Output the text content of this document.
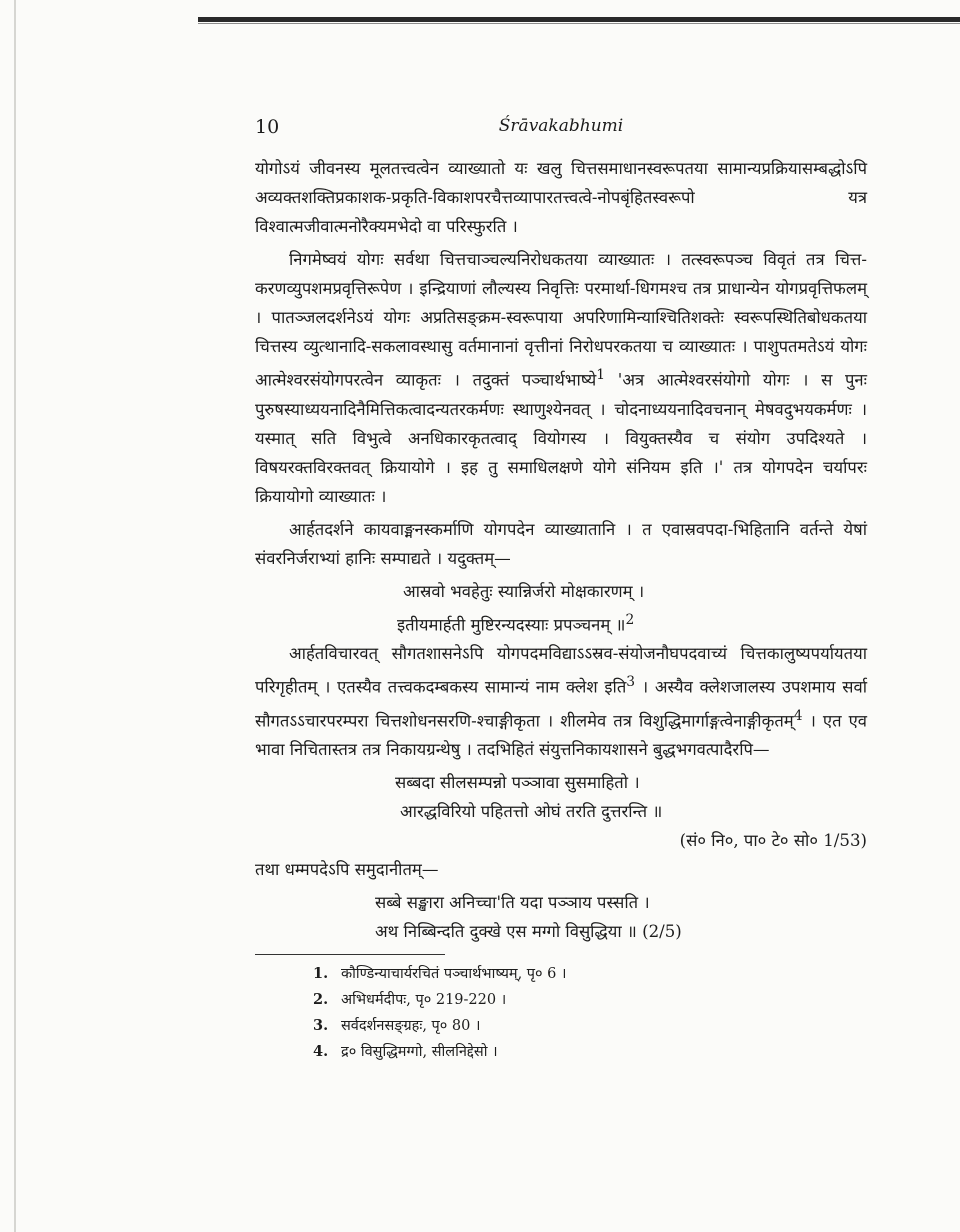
10	Śrāvakabhumi

योगोऽयं जीवनस्य मूलतत्त्वत्वेन व्याख्यातो यः खलु चित्तसमाधानस्वरूपतया सामान्यप्रक्रियासम्बद्धोऽपि अव्यक्तशक्तिप्रकाशक-प्रकृति-विकाशपरचैत्तव्यापारतत्त्वत्वे-नोपबृंहितस्वरूपो यत्र विश्वात्मजीवात्मनोरैक्यमभेदो वा परिस्फुरति ।

निगमेष्वयं योगः सर्वथा चित्तचाञ्चल्यनिरोधकतया व्याख्यातः । तत्स्वरूपञ्च विवृतं तत्र चित्त-करणव्युपशमप्रवृत्तिरूपेण । इन्द्रियाणां लौल्यस्य निवृत्तिः परमार्था-धिगमश्च तत्र प्राधान्येन योगप्रवृत्तिफलम् । पातञ्जलदर्शनेऽयं योगः अप्रतिसङ्क्रम-स्वरूपाया अपरिणामिन्याश्चितिशक्तेः स्वरूपस्थितिबोधकतया चित्तस्य व्युत्थानादि-सकलावस्थासु वर्तमानानां वृत्तीनां निरोधपरकतया च व्याख्यातः । पाशुपतमतेऽयं योगः आत्मेश्वरसंयोगपरत्वेन व्याकृतः । तदुक्तं पञ्चार्थभाष्ये$^1$ 'अत्र आत्मेश्वरसंयोगो योगः । स पुनः पुरुषस्याध्ययनादिनैमित्तिकत्वादन्यतरकर्मणः स्थाणुश्येनवत् । चोदनाध्ययनादिवचनान् मेषवदुभयकर्मणः । यस्मात् सति विभुत्वे अनधिकारकृतत्वाद् वियोगस्य । वियुक्तस्यैव च संयोग उपदिश्यते । विषयरक्तविरक्तवत् क्रियायोगे । इह तु समाधिलक्षणे योगे संनियम इति ।' तत्र योगपदेन चर्यापरः क्रियायोगो व्याख्यातः ।

आर्हतदर्शने कायवाङ्मनस्कर्माणि योगपदेन व्याख्यातानि । त एवास्रवपदा-भिहितानि वर्तन्ते येषां संवरनिर्जराभ्यां हानिः सम्पाद्यते । यदुक्तम्—

आस्रवो भवहेतुः स्यान्निर्जरो मोक्षकारणम् ।
इतीयमार्हती मुष्टिरन्यदस्याः प्रपञ्चनम् ॥$^2$

आर्हतविचारवत् सौगतशासनेऽपि योगपदमविद्याऽऽस्रव-संयोजनौघपदवाच्यं चित्तकालुष्यपर्यायतया परिगृहीतम् । एतस्यैव तत्त्वकदम्बकस्य सामान्यं नाम क्लेश इति$^3$ । अस्यैव क्लेशजालस्य उपशमाय सर्वा सौगतऽऽचारपरम्परा चित्तशोधनसरणि-श्चाङ्गीकृता । शीलमेव तत्र विशुद्धिमार्गाङ्गत्वेनाङ्गीकृतम्$^4$ । एत एव भावा निचितास्तत्र तत्र निकायग्रन्थेषु । तदभिहितं संयुत्तनिकायशासने बुद्धभगवत्पादैरपि—

सब्बदा सीलसम्पन्नो पञ्ञावा सुसमाहितो ।
आरद्धविरियो पहितत्तो ओघं तरति दुत्तरन्ति ॥
(सं० नि०, पा० टे० सो० 1/53)

तथा धम्मपदेऽपि समुदानीतम्—

सब्बे सङ्खारा अनिच्चा'ति यदा पञ्ञाय पस्सति ।
अथ निब्बिन्दति दुक्खे एस मग्गो विसुद्धिया ॥ (2/5)
1. कौण्डिन्याचार्यरचितं पञ्चार्थभाष्यम्, पृ० 6 ।
2. अभिधर्मदीपः, पृ० 219-220 ।
3. सर्वदर्शनसङ्ग्रहः, पृ० 80 ।
4. द्र० विसुद्धिमग्गो, सीलनिद्देसो ।
